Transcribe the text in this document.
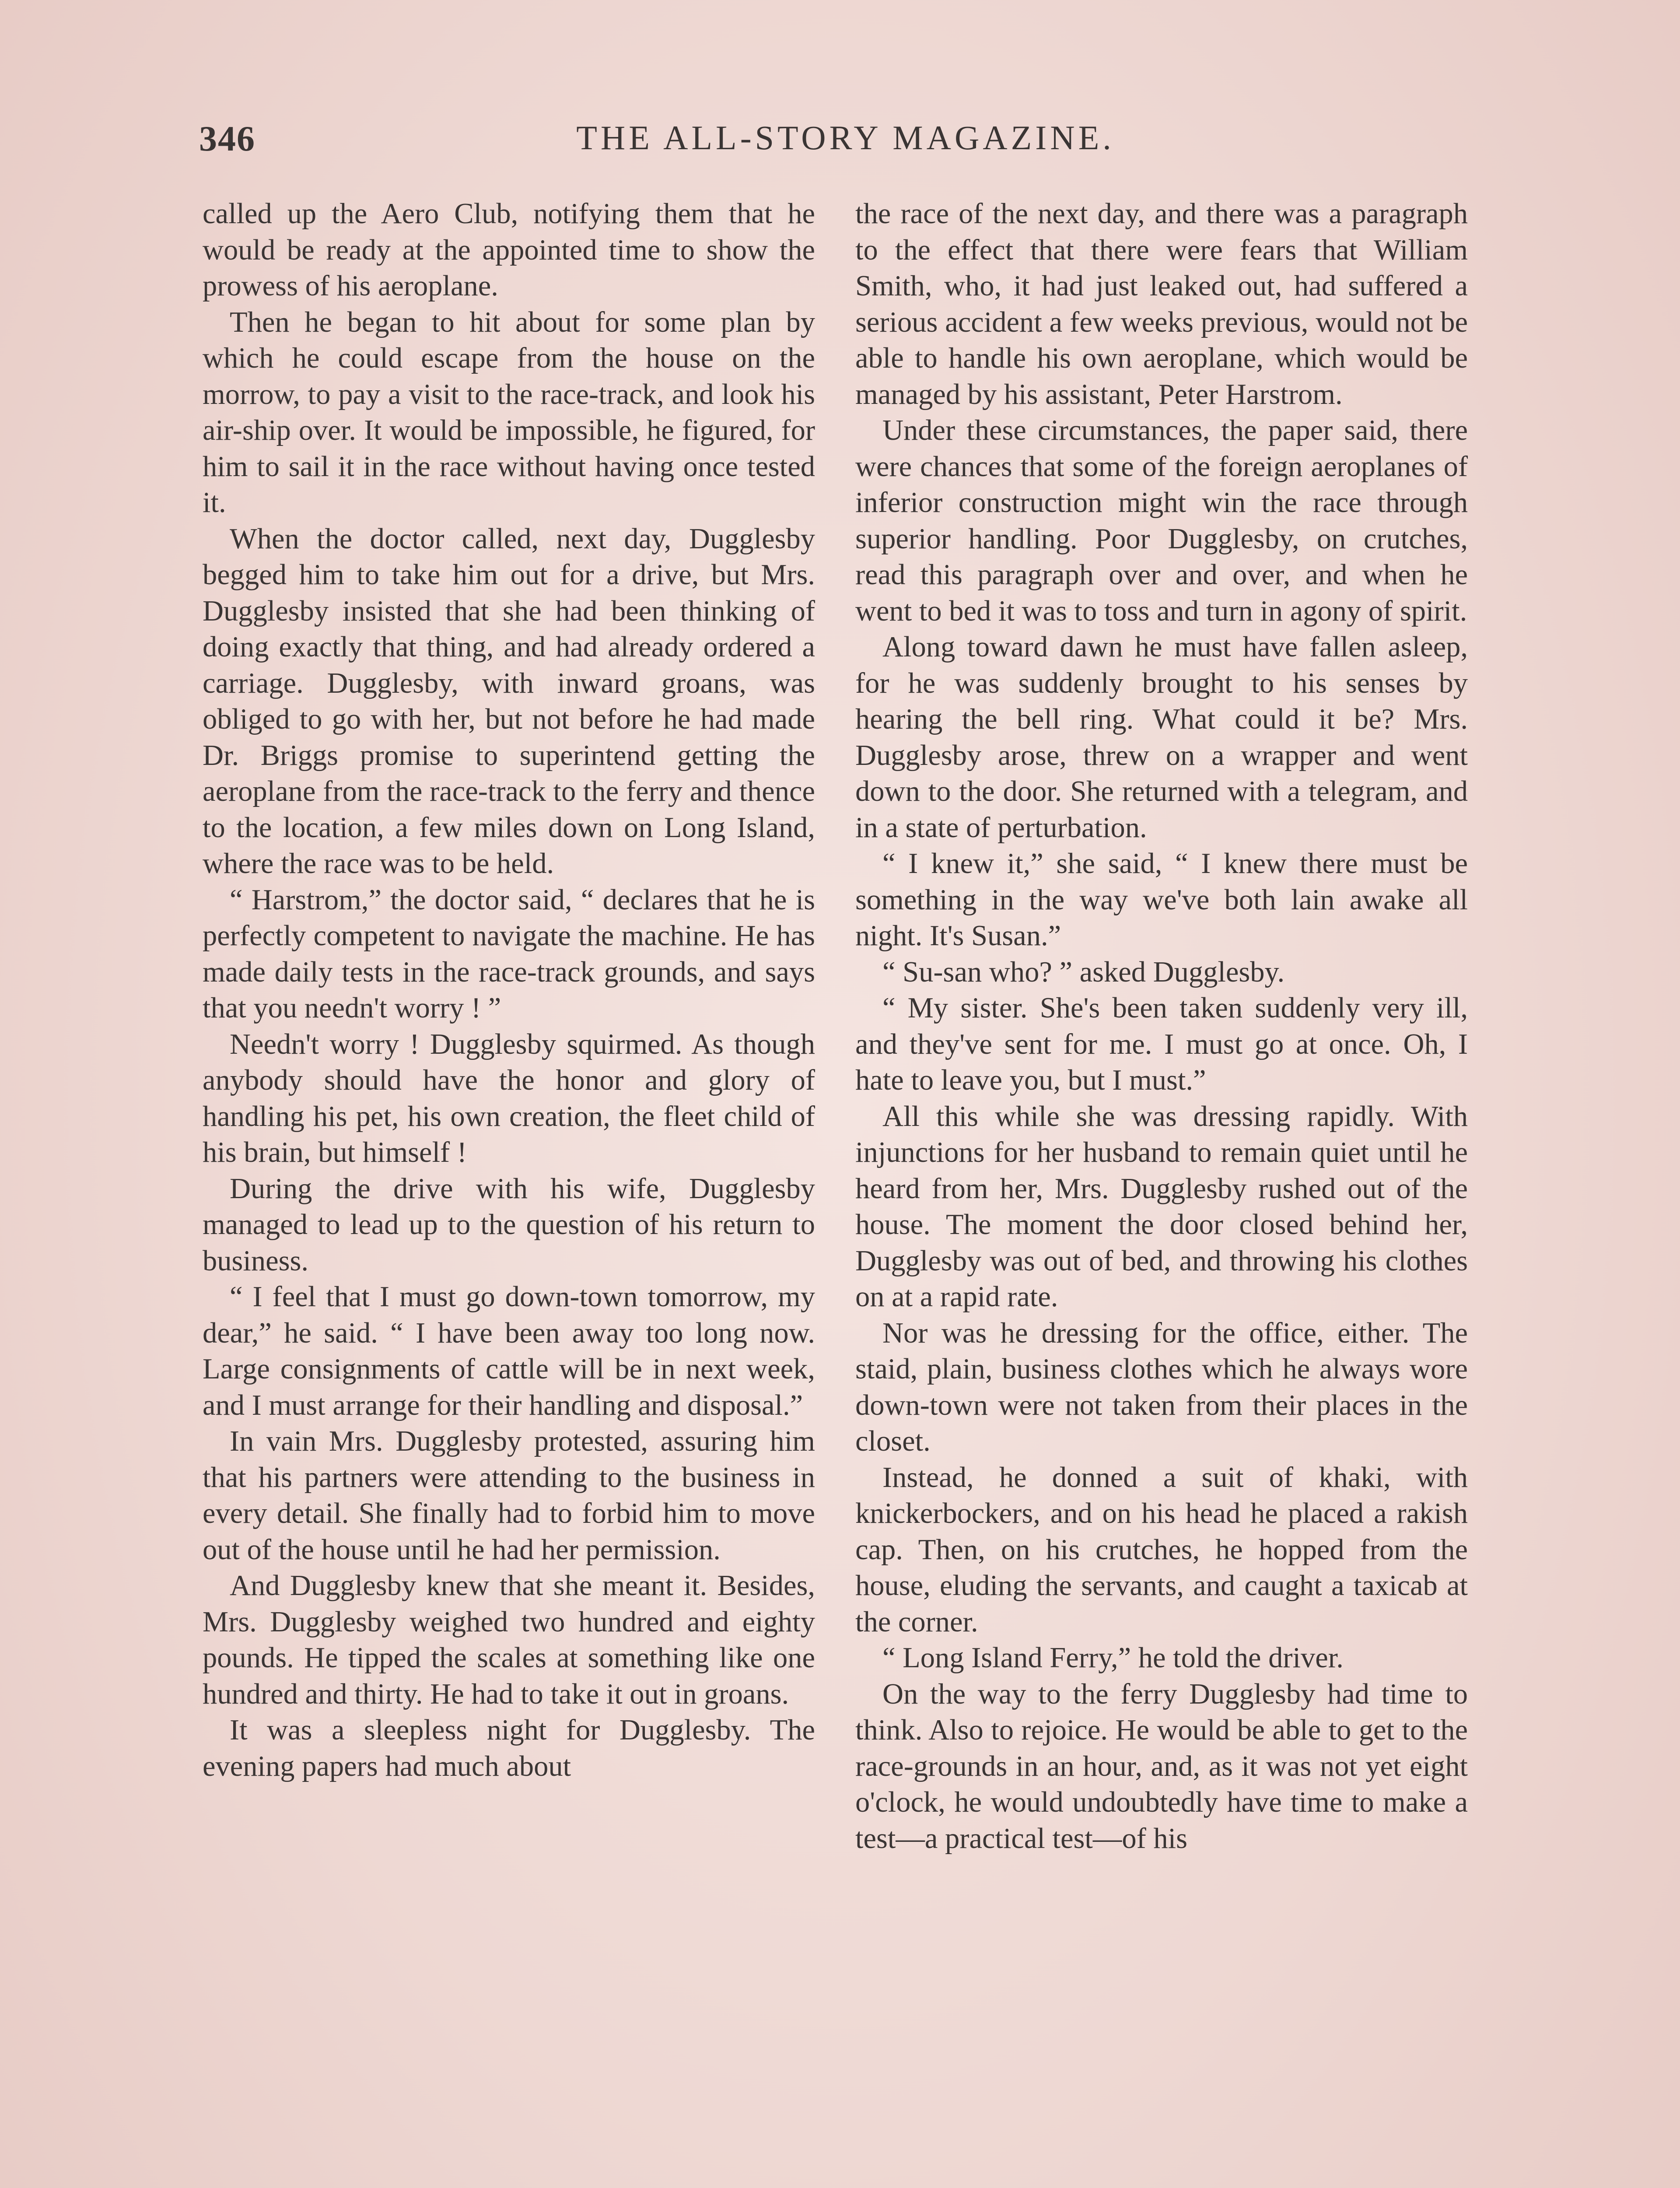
346	THE ALL-STORY MAGAZINE.

called up the Aero Club, notifying them that he would be ready at the appointed time to show the prowess of his aeroplane.

Then he began to hit about for some plan by which he could escape from the house on the morrow, to pay a visit to the race-track, and look his air-ship over. It would be impossible, he figured, for him to sail it in the race without having once tested it.

When the doctor called, next day, Dugglesby begged him to take him out for a drive, but Mrs. Dugglesby insisted that she had been thinking of doing exactly that thing, and had already ordered a carriage. Dugglesby, with inward groans, was obliged to go with her, but not before he had made Dr. Briggs promise to superintend getting the aeroplane from the race-track to the ferry and thence to the location, a few miles down on Long Island, where the race was to be held.

“ Harstrom,” the doctor said, “ declares that he is perfectly competent to navigate the machine. He has made daily tests in the race-track grounds, and says that you needn't worry ! ”

Needn't worry ! Dugglesby squirmed. As though anybody should have the honor and glory of handling his pet, his own creation, the fleet child of his brain, but himself !

During the drive with his wife, Dugglesby managed to lead up to the question of his return to business.

“ I feel that I must go down-town tomorrow, my dear,” he said. “ I have been away too long now. Large consignments of cattle will be in next week, and I must arrange for their handling and disposal.”

In vain Mrs. Dugglesby protested, assuring him that his partners were attending to the business in every detail. She finally had to forbid him to move out of the house until he had her permission.

And Dugglesby knew that she meant it. Besides, Mrs. Dugglesby weighed two hundred and eighty pounds. He tipped the scales at something like one hundred and thirty. He had to take it out in groans.

It was a sleepless night for Dugglesby. The evening papers had much about

the race of the next day, and there was a paragraph to the effect that there were fears that William Smith, who, it had just leaked out, had suffered a serious accident a few weeks previous, would not be able to handle his own aeroplane, which would be managed by his assistant, Peter Harstrom.

Under these circumstances, the paper said, there were chances that some of the foreign aeroplanes of inferior construction might win the race through superior handling. Poor Dugglesby, on crutches, read this paragraph over and over, and when he went to bed it was to toss and turn in agony of spirit.

Along toward dawn he must have fallen asleep, for he was suddenly brought to his senses by hearing the bell ring. What could it be? Mrs. Dugglesby arose, threw on a wrapper and went down to the door. She returned with a telegram, and in a state of perturbation.

“ I knew it,” she said, “ I knew there must be something in the way we've both lain awake all night. It's Susan.”

“ Su-san who? ” asked Dugglesby.

“ My sister. She's been taken suddenly very ill, and they've sent for me. I must go at once. Oh, I hate to leave you, but I must.”

All this while she was dressing rapidly. With injunctions for her husband to remain quiet until he heard from her, Mrs. Dugglesby rushed out of the house. The moment the door closed behind her, Dugglesby was out of bed, and throwing his clothes on at a rapid rate.

Nor was he dressing for the office, either. The staid, plain, business clothes which he always wore down-town were not taken from their places in the closet.

Instead, he donned a suit of khaki, with knickerbockers, and on his head he placed a rakish cap. Then, on his crutches, he hopped from the house, eluding the servants, and caught a taxicab at the corner.

“ Long Island Ferry,” he told the driver.

On the way to the ferry Dugglesby had time to think. Also to rejoice. He would be able to get to the race-grounds in an hour, and, as it was not yet eight o'clock, he would undoubtedly have time to make a test—a practical test—of his
